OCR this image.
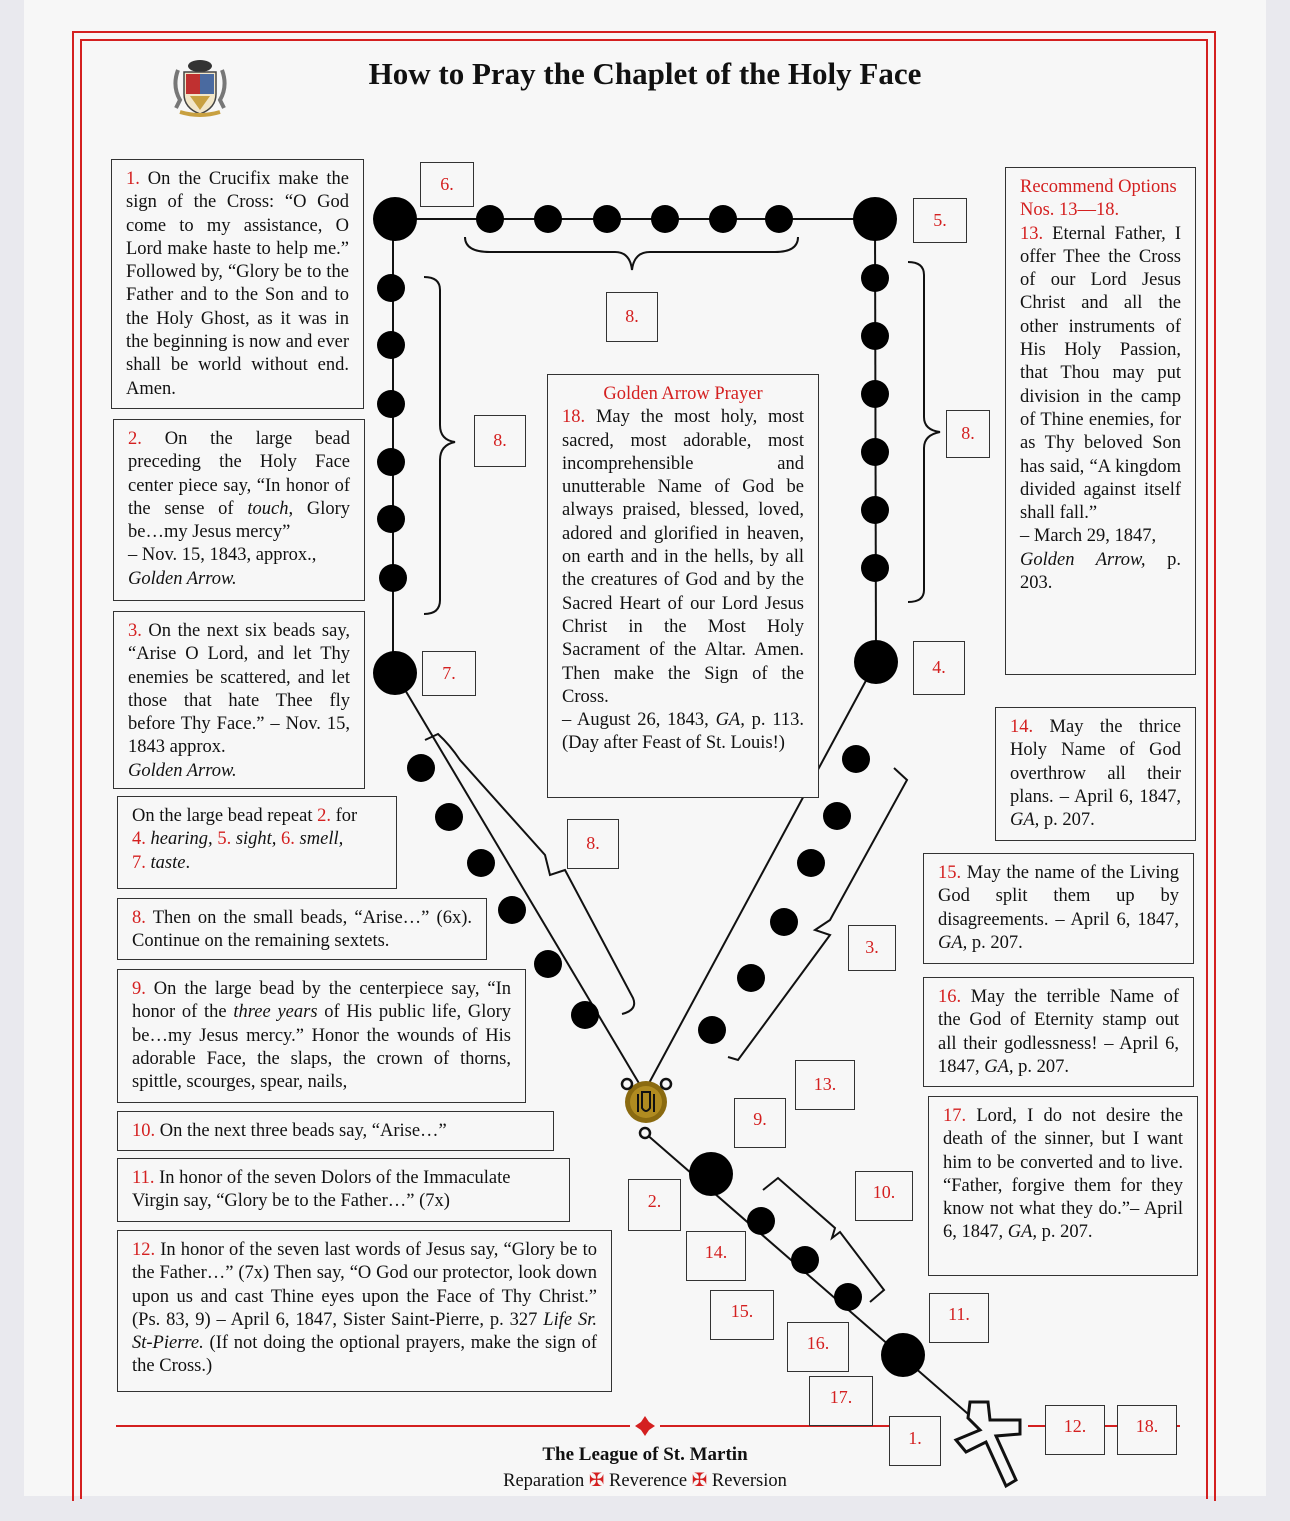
How to Pray the Chaplet of the Holy Face
6.
5.
8.
8.	8.
7.	4.
8.
3.
13.
9.
10.
2.
14.
15.	11.
16.
17.
1.
12.	18.
1. On the Crucifix make the sign of the Cross: “O God come to my assistance, O Lord make haste to help me.” Followed by, “Glory be to the Father and to the Son and to the Holy Ghost, as it was in the beginning is now and ever shall be world without end. Amen.
2. On the large bead preceding the Holy Face center piece say, “In honor of the sense of touch, Glory be…my Jesus mercy”
– Nov. 15, 1843, approx.,
Golden Arrow.
3. On the next six beads say, “Arise O Lord, and let Thy enemies be scattered, and let those that hate Thee fly before Thy Face.” – Nov. 15, 1843 approx.
Golden Arrow.
On the large bead repeat 2. for
4. hearing, 5. sight, 6. smell,
7. taste.
8. Then on the small beads, “Arise…” (6x). Continue on the remaining sextets.
9. On the large bead by the centerpiece say, “In honor of the three years of His public life, Glory be…my Jesus mercy.” Honor the wounds of His adorable Face, the slaps, the crown of thorns, spittle, scourges, spear, nails,
10. On the next three beads say, “Arise…”
11. In honor of the seven Dolors of the Immaculate Virgin say, “Glory be to the Father…” (7x)
12. In honor of the seven last words of Jesus say, “Glory be to the Father…” (7x) Then say, “O God our protector, look down upon us and cast Thine eyes upon the Face of Thy Christ.” (Ps. 83, 9) – April 6, 1847, Sister Saint-Pierre, p. 327 Life Sr. St-Pierre. (If not doing the optional prayers, make the sign of the Cross.)
Golden Arrow Prayer
18. May the most holy, most sacred, most adorable, most incomprehensible and unutterable Name of God be always praised, blessed, loved, adored and glorified in heaven, on earth and in the hells, by all the creatures of God and by the Sacred Heart of our Lord Jesus Christ in the Most Holy Sacrament of the Altar. Amen. Then make the Sign of the Cross.
– August 26, 1843, GA, p. 113. (Day after Feast of St. Louis!)
Recommend Options Nos. 13—18.
13. Eternal Father, I offer Thee the Cross of our Lord Jesus Christ and all the other instruments of His Holy Passion, that Thou may put division in the camp of Thine enemies, for as Thy beloved Son has said, “A kingdom divided against itself shall fall.”
– March 29, 1847,
Golden Arrow, p. 203.
14. May the thrice Holy Name of God overthrow all their plans. – April 6, 1847, GA, p. 207.
15. May the name of the Living God split them up by disagreements. – April 6, 1847, GA, p. 207.
16. May the terrible Name of the God of Eternity stamp out all their godlessness! – April 6, 1847, GA, p. 207.
17. Lord, I do not desire the death of the sinner, but I want him to be converted and to live. “Father, forgive them for they know not what they do.”– April 6, 1847, GA, p. 207.
The League of St. Martin
Reparation ✠ Reverence ✠ Reversion
